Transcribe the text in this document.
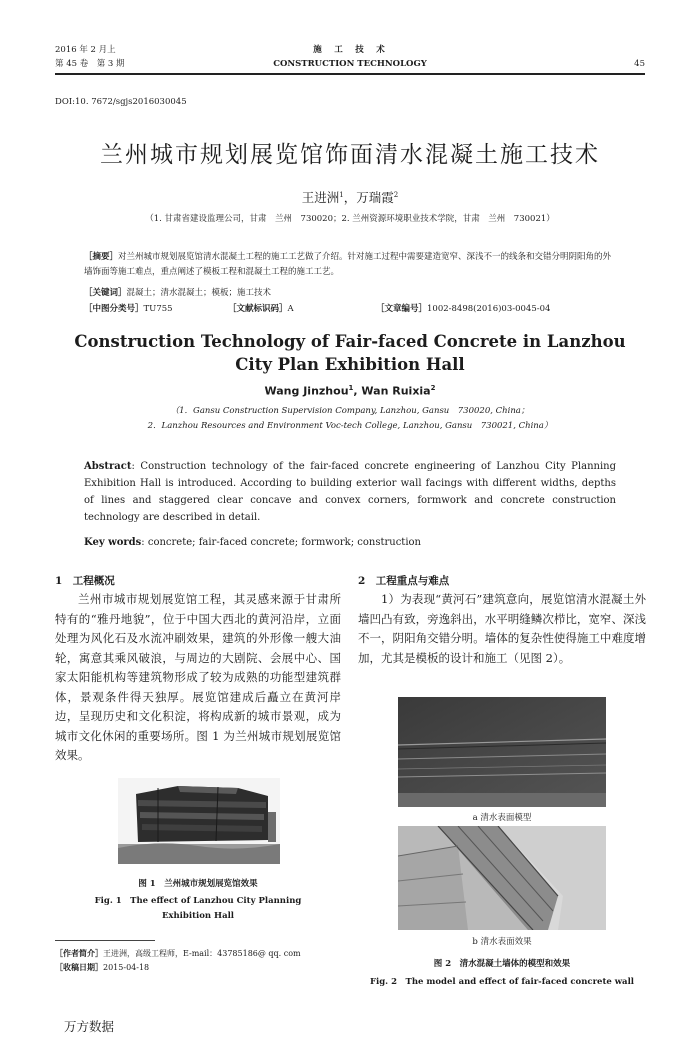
2016 年 2 月上
第 45 卷　第 3 期
施　工　技　术
CONSTRUCTION TECHNOLOGY	45
DOI:10. 7672/sgjs2016030045
兰州城市规划展览馆饰面清水混凝土施工技术
王进洲$^1$，万瑞霞$^2$
（1. 甘肃省建设监理公司，甘肃　兰州　730020；2. 兰州资源环境职业技术学院，甘肃　兰州　730021）
［摘要］对兰州城市规划展览馆清水混凝土工程的施工工艺做了介绍。针对施工过程中需要建造宽窄、深浅不一的线条和交错分明阴阳角的外墙饰面等施工难点，重点阐述了模板工程和混凝土工程的施工工艺。
［关键词］混凝土；清水混凝土；模板；施工技术
［中图分类号］TU755	［文献标识码］A	［文章编号］1002-8498(2016)03-0045-04
Construction Technology of Fair-faced Concrete in Lanzhou
City Plan Exhibition Hall
Wang Jinzhou$^1$, Wan Ruixia$^2$
（1．Gansu Construction Supervision Company, Lanzhou, Gansu　730020, China；
2．Lanzhou Resources and Environment Voc-tech College, Lanzhou, Gansu　730021, China）
Abstract: Construction technology of the fair-faced concrete engineering of Lanzhou City Planning Exhibition Hall is introduced. According to building exterior wall facings with different widths, depths of lines and staggered clear concave and convex corners, formwork and concrete construction technology are described in detail.
Key words: concrete; fair-faced concrete; formwork; construction
1　工程概况
兰州市城市规划展览馆工程，其灵感来源于甘肃所特有的“雅丹地貌”，位于中国大西北的黄河沿岸，立面处理为风化石及水流冲刷效果，建筑的外形像一艘大油轮，寓意其乘风破浪，与周边的大剧院、会展中心、国家太阳能机构等建筑物形成了较为成熟的功能型建筑群体，景观条件得天独厚。展览馆建成后矗立在黄河岸边，呈现历史和文化积淀，将构成新的城市景观，成为城市文化休闲的重要场所。图 1 为兰州城市规划展览馆效果。
图 1　兰州城市规划展览馆效果
Fig. 1　The effect of Lanzhou City Planning
Exhibition Hall
［作者简介］王进洲，高级工程师，E-mail：43785186@ qq. com
［收稿日期］2015-04-18
2　工程重点与难点
1）为表现“黄河石”建筑意向，展览馆清水混凝土外墙凹凸有致，旁逸斜出，水平明缝鳞次栉比，宽窄、深浅不一，阴阳角交错分明。墙体的复杂性使得施工中难度增加，尤其是模板的设计和施工（见图 2）。
a 清水表面模型
b 清水表面效果
图 2　清水混凝土墙体的模型和效果
Fig. 2　The model and effect of fair-faced concrete wall
万方数据
